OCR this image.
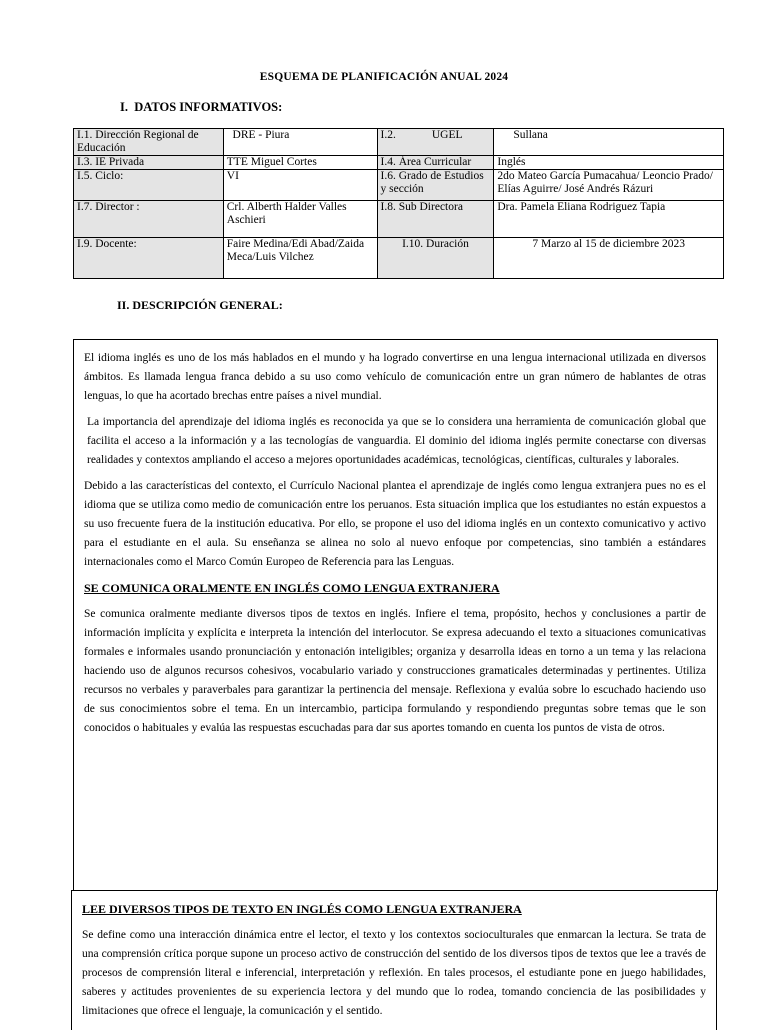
ESQUEMA DE PLANIFICACIÓN ANUAL 2024
I. DATOS INFORMATIVOS:
I.1. Dirección Regional de Educación	DRE - Piura	I.2. UGEL	Sullana
I.3. IE Privada	TTE Miguel Cortes	I.4. Área Curricular	Inglés
I.5. Ciclo:	VI	I.6. Grado de Estudios y sección	2do Mateo García Pumacahua/ Leoncio Prado/ Elías Aguirre/ José Andrés Rázuri
I.7. Director :	Crl. Alberth Halder Valles Aschieri	I.8. Sub Directora	Dra. Pamela Eliana Rodriguez Tapia
I.9. Docente:	Faire Medina/Edi Abad/Zaida Meca/Luis Vilchez	I.10. Duración	7 Marzo al 15 de diciembre 2023
II. DESCRIPCIÓN GENERAL:

El idioma inglés es uno de los más hablados en el mundo y ha logrado convertirse en una lengua internacional utilizada en diversos ámbitos. Es llamada lengua franca debido a su uso como vehículo de comunicación entre un gran número de hablantes de otras lenguas, lo que ha acortado brechas entre países a nivel mundial.

La importancia del aprendizaje del idioma inglés es reconocida ya que se lo considera una herramienta de comunicación global que facilita el acceso a la información y a las tecnologías de vanguardia. El dominio del idioma inglés permite conectarse con diversas realidades y contextos ampliando el acceso a mejores oportunidades académicas, tecnológicas, científicas, culturales y laborales.

Debido a las características del contexto, el Currículo Nacional plantea el aprendizaje de inglés como lengua extranjera pues no es el idioma que se utiliza como medio de comunicación entre los peruanos. Esta situación implica que los estudiantes no están expuestos a su uso frecuente fuera de la institución educativa. Por ello, se propone el uso del idioma inglés en un contexto comunicativo y activo para el estudiante en el aula. Su enseñanza se alinea no solo al nuevo enfoque por competencias, sino también a estándares internacionales como el Marco Común Europeo de Referencia para las Lenguas.

SE COMUNICA ORALMENTE EN INGLÉS COMO LENGUA EXTRANJERA

Se comunica oralmente mediante diversos tipos de textos en inglés. Infiere el tema, propósito, hechos y conclusiones a partir de información implícita y explícita e interpreta la intención del interlocutor. Se expresa adecuando el texto a situaciones comunicativas formales e informales usando pronunciación y entonación inteligibles; organiza y desarrolla ideas en torno a un tema y las relaciona haciendo uso de algunos recursos cohesivos, vocabulario variado y construcciones gramaticales determinadas y pertinentes. Utiliza recursos no verbales y paraverbales para garantizar la pertinencia del mensaje. Reflexiona y evalúa sobre lo escuchado haciendo uso de sus conocimientos sobre el tema. En un intercambio, participa formulando y respondiendo preguntas sobre temas que le son conocidos o habituales y evalúa las respuestas escuchadas para dar sus aportes tomando en cuenta los puntos de vista de otros.

LEE DIVERSOS TIPOS DE TEXTO EN INGLÉS COMO LENGUA EXTRANJERA

Se define como una interacción dinámica entre el lector, el texto y los contextos socioculturales que enmarcan la lectura. Se trata de una comprensión crítica porque supone un proceso activo de construcción del sentido de los diversos tipos de textos que lee a través de procesos de comprensión literal e inferencial, interpretación y reflexión. En tales procesos, el estudiante pone en juego habilidades, saberes y actitudes provenientes de su experiencia lectora y del mundo que lo rodea, tomando conciencia de las posibilidades y limitaciones que ofrece el lenguaje, la comunicación y el sentido.
